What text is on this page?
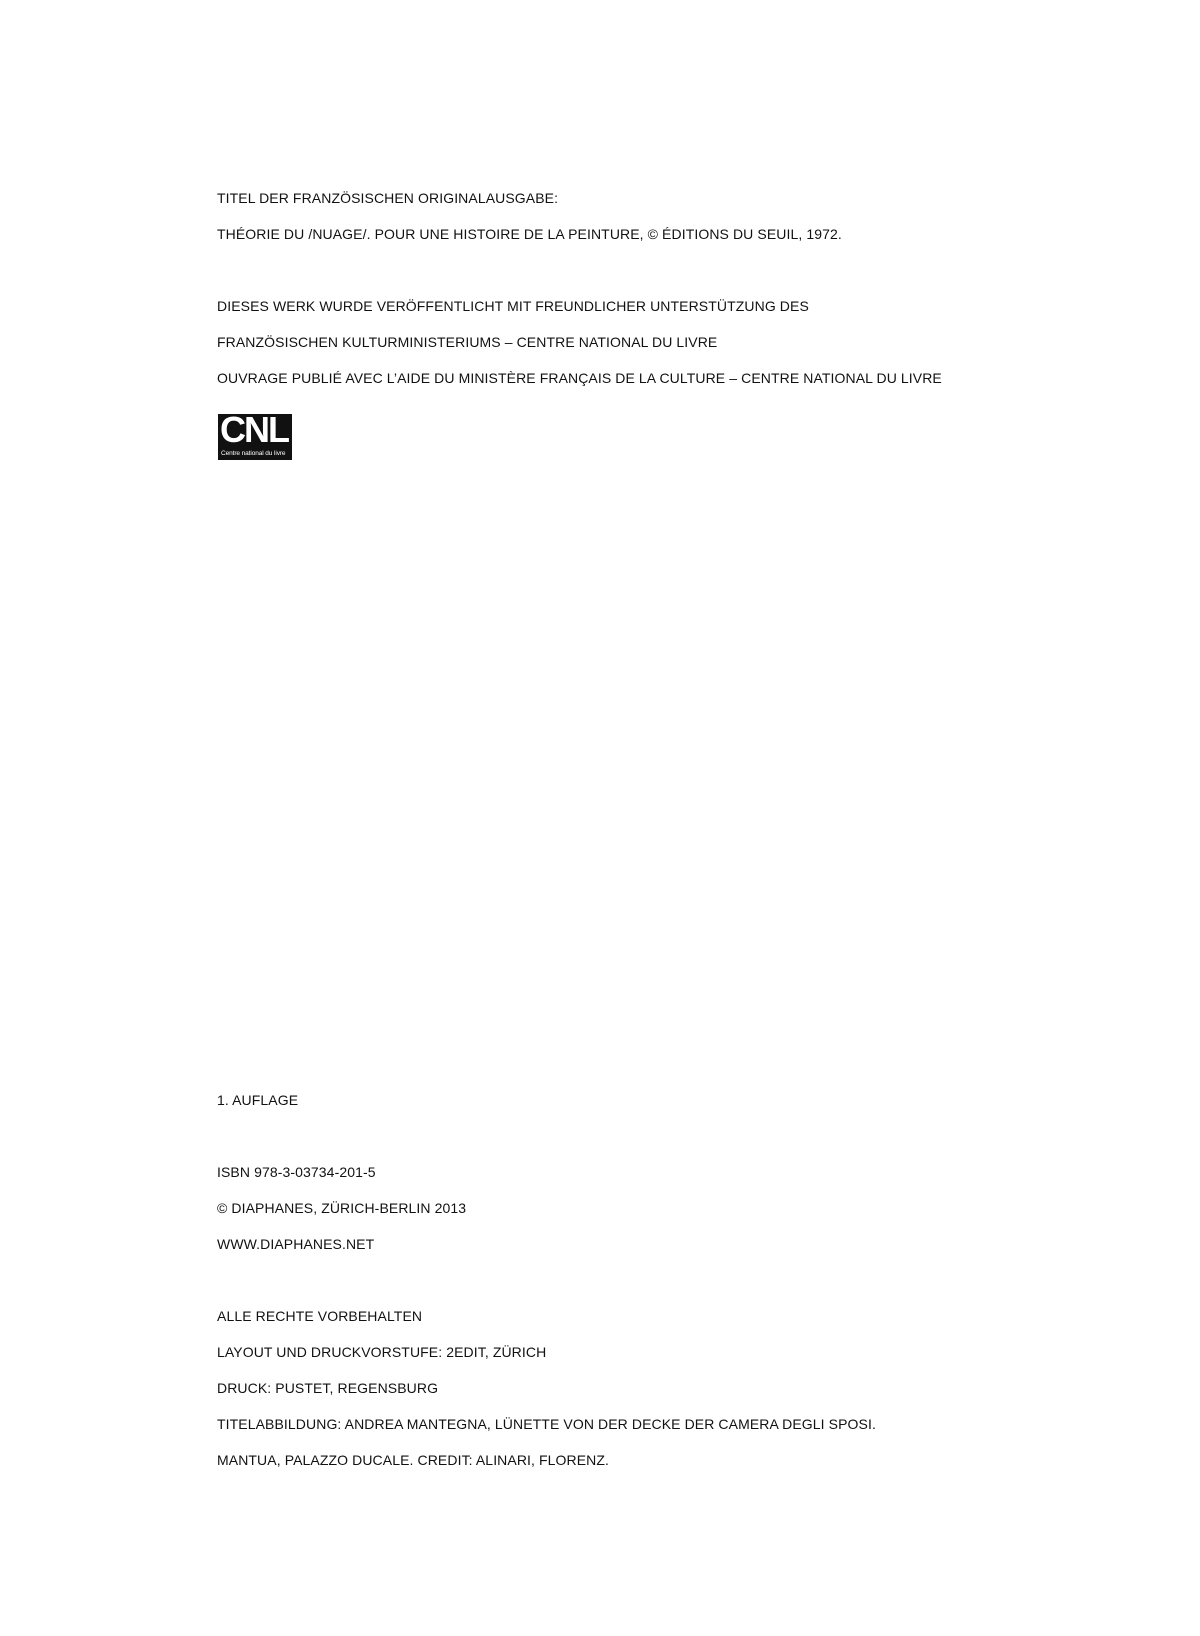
TITEL DER FRANZÖSISCHEN ORIGINALAUSGABE:
THÉORIE DU /NUAGE/. POUR UNE HISTOIRE DE LA PEINTURE, © ÉDITIONS DU SEUIL, 1972.
DIESES WERK WURDE VERÖFFENTLICHT MIT FREUNDLICHER UNTERSTÜTZUNG DES
FRANZÖSISCHEN KULTURMINISTERIUMS – CENTRE NATIONAL DU LIVRE
OUVRAGE PUBLIÉ AVEC L’AIDE DU MINISTÈRE FRANÇAIS DE LA CULTURE – CENTRE NATIONAL DU LIVRE
CNL
Centre national du livre
1. AUFLAGE
ISBN 978-3-03734-201-5
© DIAPHANES, ZÜRICH-BERLIN 2013
WWW.DIAPHANES.NET
ALLE RECHTE VORBEHALTEN
LAYOUT UND DRUCKVORSTUFE: 2EDIT, ZÜRICH
DRUCK: PUSTET, REGENSBURG
TITELABBILDUNG: ANDREA MANTEGNA, LÜNETTE VON DER DECKE DER CAMERA DEGLI SPOSI.
MANTUA, PALAZZO DUCALE. CREDIT: ALINARI, FLORENZ.
